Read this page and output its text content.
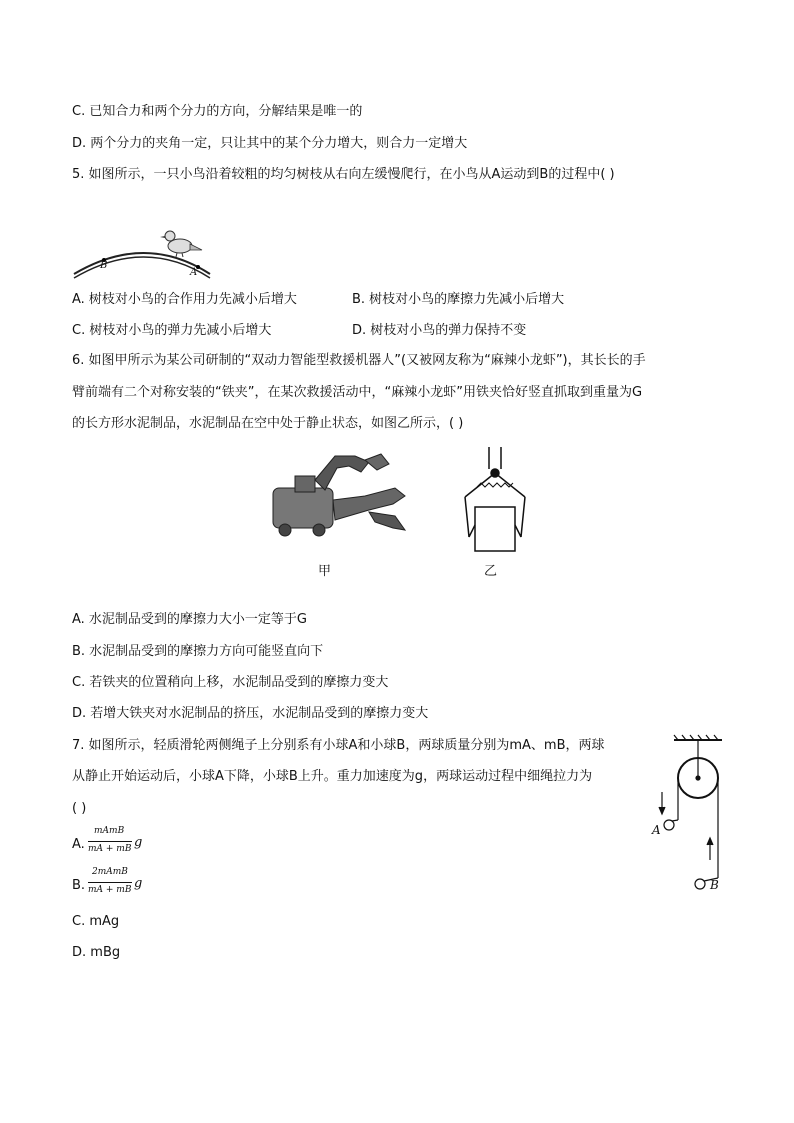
C. 已知合力和两个分力的方向，分解结果是唯一的
D. 两个分力的夹角一定，只让其中的某个分力增大，则合力一定增大
5. 如图所示，一只小鸟沿着较粗的均匀树枝从右向左缓慢爬行，在小鸟从A运动到B的过程中( )
B
A
A. 树枝对小鸟的合作用力先减小后增大	B. 树枝对小鸟的摩擦力先减小后增大
C. 树枝对小鸟的弹力先减小后增大	D. 树枝对小鸟的弹力保持不变
6. 如图甲所示为某公司研制的“双动力智能型救援机器人”(又被网友称为“麻辣小龙虾”)，其长长的手
臂前端有二个对称安装的“铁夹”，在某次救援活动中，“麻辣小龙虾”用铁夹恰好竖直抓取到重量为G
的长方形水泥制品，水泥制品在空中处于静止状态，如图乙所示，( )
甲	乙
A. 水泥制品受到的摩擦力大小一定等于G
B. 水泥制品受到的摩擦力方向可能竖直向下
C. 若铁夹的位置稍向上移，水泥制品受到的摩擦力变大
D. 若增大铁夹对水泥制品的挤压，水泥制品受到的摩擦力变大
7. 如图所示，轻质滑轮两侧绳子上分别系有小球A和小球B，两球质量分别为mA、mB，两球
从静止开始运动后，小球A下降，小球B上升。重力加速度为g，两球运动过程中细绳拉力为
( )
A
B
A.
mAmB
mA + mB g
B.
2mAmB
mA + mB g
C. mAg
D. mBg
